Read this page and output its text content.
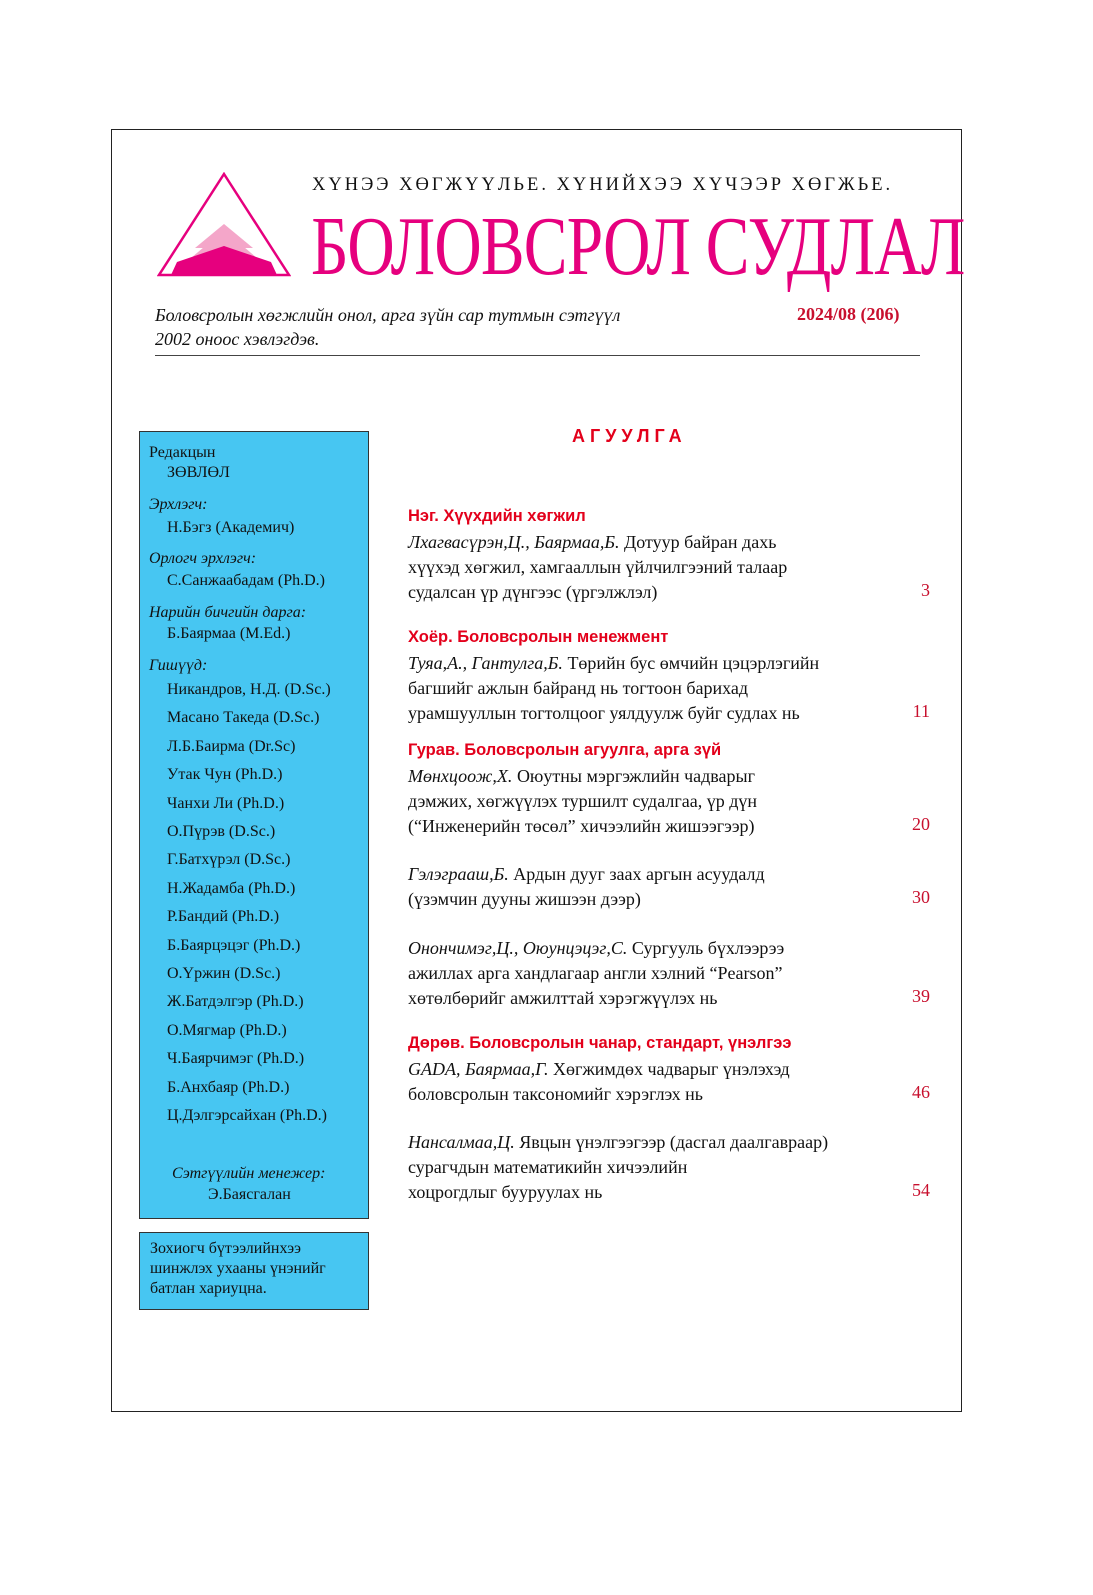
ХҮНЭЭ ХӨГЖҮҮЛЬЕ. ХҮНИЙХЭЭ ХҮЧЭЭР ХӨГЖЬЕ.
БОЛОВСРОЛ СУДЛАЛ
Боловсролын хөгжлийн онол, арга зүйн сар тутмын сэтгүүл
2002 оноос хэвлэгдэв.
2024/08 (206)
Редакцын
ЗӨВЛӨЛ
Эрхлэгч:
Н.Бэгз (Академич)
Орлогч эрхлэгч:
С.Санжаабадам (Ph.D.)
Нарийн бичгийн дарга:
Б.Баярмаа (M.Ed.)
Гишүүд:
Никандров, Н.Д. (D.Sc.)
Масано Такеда (D.Sc.)
Л.Б.Баирма (Dr.Sc)
Утак Чун (Ph.D.)
Чанхи Ли (Ph.D.)
О.Пүрэв (D.Sc.)
Г.Батхүрэл (D.Sc.)
Н.Жадамба (Ph.D.)
Р.Бандий (Ph.D.)
Б.Баярцэцэг (Ph.D.)
О.Үржин (D.Sc.)
Ж.Батдэлгэр (Ph.D.)
О.Мягмар (Ph.D.)
Ч.Баярчимэг (Ph.D.)
Б.Анхбаяр (Ph.D.)
Ц.Дэлгэрсайхан (Ph.D.)
Сэтгүүлийн менежер:
Э.Баясгалан
Зохиогч бүтээлийнхээ
шинжлэх ухааны үнэнийг
батлан хариуцна.
АГУУЛГА
Нэг. Хүүхдийн хөгжил
Хоёр. Боловсролын менежмент
Гурав. Боловсролын агуулга, арга зүй
Дөрөв. Боловсролын чанар, стандарт, үнэлгээ
Лхагвасүрэн,Ц., Баярмаа,Б. Дотуур байран дахь
хүүхэд хөгжил, хамгааллын үйлчилгээний талаар
судалсан үр дүнгээс (үргэлжлэл)	3
Туяа,А., Гантулга,Б. Төрийн бус өмчийн цэцэрлэгийн
багшийг ажлын байранд нь тогтоон барихад
урамшууллын тогтолцоог уялдуулж буйг судлах нь	11
Мөнхцоож,Х. Оюутны мэргэжлийн чадварыг
дэмжих, хөгжүүлэх туршилт судалгаа, үр дүн
(“Инженерийн төсөл” хичээлийн жишээгээр)	20
Гэлэграаш,Б. Ардын дууг заах аргын асуудалд
(үзэмчин дууны жишээн дээр)	30
Онончимэг,Ц., Оюунцэцэг,С. Сургууль бүхлээрээ
ажиллах арга хандлагаар англи хэлний “Pearson”
хөтөлбөрийг амжилттай хэрэгжүүлэх нь	39
GADA, Баярмаа,Г. Хөгжимдөх чадварыг үнэлэхэд
боловсролын таксономийг хэрэглэх нь	46
Нансалмаа,Ц. Явцын үнэлгээгээр (дасгал даалгавраар)
сурагчдын математикийн хичээлийн
хоцрогдлыг бууруулах нь	54
